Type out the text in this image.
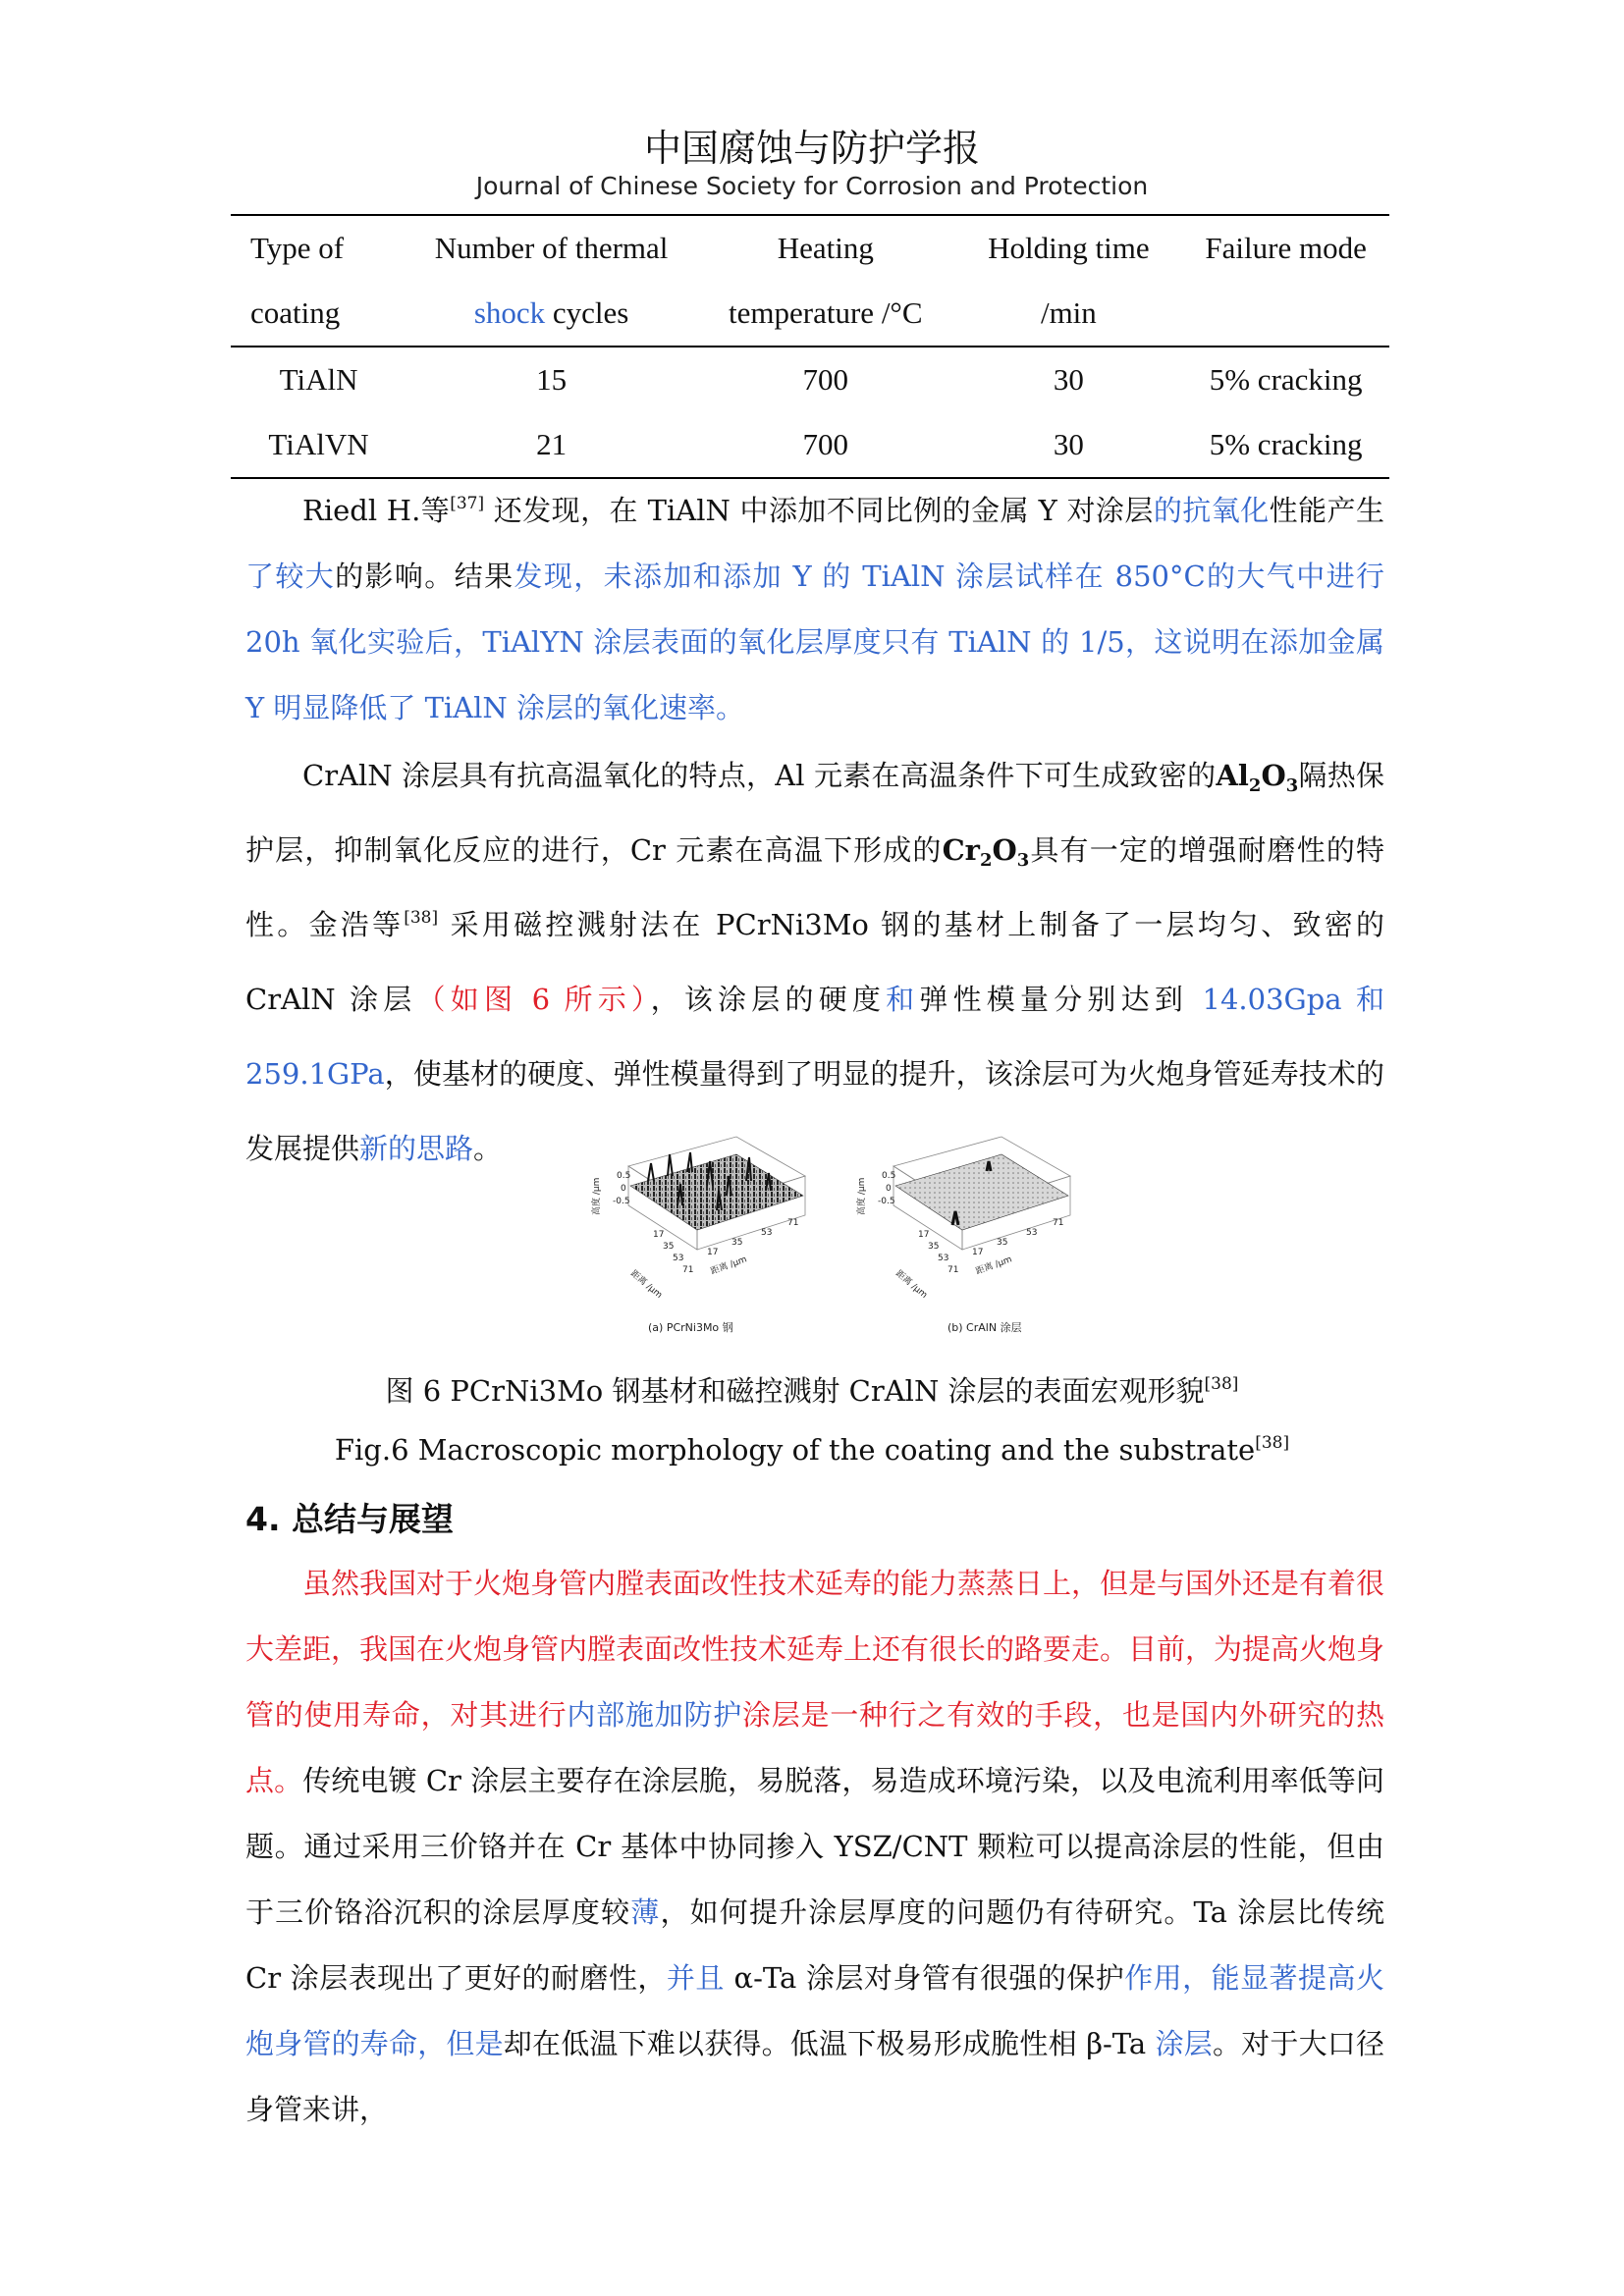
中国腐蚀与防护学报
Journal of Chinese Society for Corrosion and Protection
Type of	Number of thermal	Heating	Holding time	Failure mode
coating	shock cycles	temperature /°C	/min	
TiAlN	15	700	30	5% cracking
TiAlVN	21	700	30	5% cracking

Riedl H.等[37] 还发现，在 TiAlN 中添加不同比例的金属 Y 对涂层的抗氧化性能产生了较大的影响。结果发现，未添加和添加 Y 的 TiAlN 涂层试样在 850°C的大气中进行 20h 氧化实验后，TiAlYN 涂层表面的氧化层厚度只有 TiAlN 的 1/5，这说明在添加金属 Y 明显降低了 TiAlN 涂层的氧化速率。

CrAlN 涂层具有抗高温氧化的特点，Al 元素在高温条件下可生成致密的$Al_2O_3$隔热保护层，抑制氧化反应的进行，Cr 元素在高温下形成的$Cr_2O_3$具有一定的增强耐磨性的特性。金浩等[38] 采用磁控溅射法在 PCrNi3Mo 钢的基材上制备了一层均匀、致密的 CrAlN 涂层（如图 6 所示），该涂层的硬度和弹性模量分别达到 14.03Gpa 和 259.1GPa，使基材的硬度、弹性模量得到了明显的提升，该涂层可为火炮身管延寿技术的发展提供新的思路。

高度 /μm
0.5
0
-0.5
距离 /μm
17
35
53
71 距离 /μm
17
35
53
71
高度 /μm
0.5
0
-0.5
距离 /μm
17
35
53
71 距离 /μm
17
35
53
71
(a) PCrNi3Mo 钢	(b) CrAlN 涂层
图 6 PCrNi3Mo 钢基材和磁控溅射 CrAlN 涂层的表面宏观形貌[38]
Fig.6 Macroscopic morphology of the coating and the substrate[38]
4. 总结与展望

虽然我国对于火炮身管内膛表面改性技术延寿的能力蒸蒸日上，但是与国外还是有着很大差距，我国在火炮身管内膛表面改性技术延寿上还有很长的路要走。目前，为提高火炮身管的使用寿命，对其进行内部施加防护涂层是一种行之有效的手段，也是国内外研究的热点。传统电镀 Cr 涂层主要存在涂层脆，易脱落，易造成环境污染，以及电流利用率低等问题。通过采用三价铬并在 Cr 基体中协同掺入 YSZ/CNT 颗粒可以提高涂层的性能，但由于三价铬浴沉积的涂层厚度较薄，如何提升涂层厚度的问题仍有待研究。Ta 涂层比传统 Cr 涂层表现出了更好的耐磨性，并且 α-Ta 涂层对身管有很强的保护作用，能显著提高火炮身管的寿命，但是却在低温下难以获得。低温下极易形成脆性相 β-Ta 涂层。对于大口径身管来讲，
